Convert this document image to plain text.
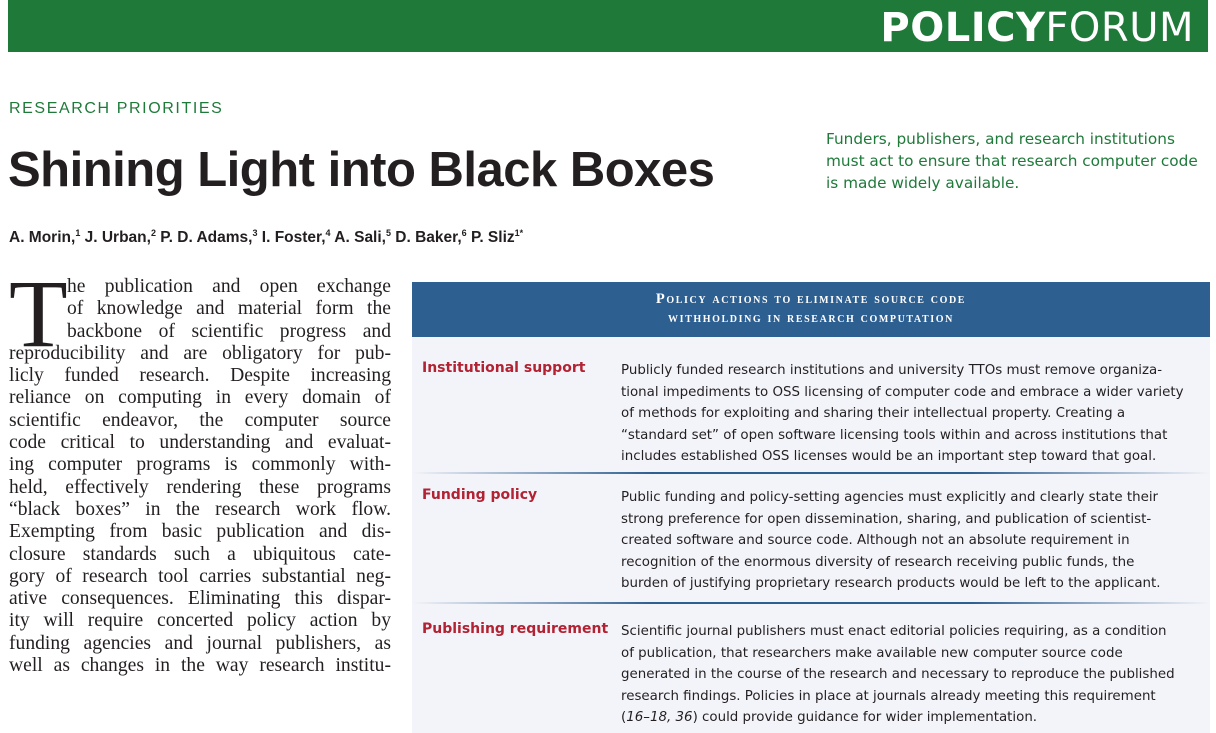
POLICYFORUM
RESEARCH PRIORITIES
Shining Light into Black Boxes
Funders, publishers, and research institutions
must act to ensure that research computer code
is made widely available.
A. Morin,$^1$ J. Urban,$^2$ P. D. Adams,$^3$ I. Foster,$^4$ A. Sali,$^5$ D. Baker,$^6$ P. Sliz$^{1*}$
T he publication and open exchange
of knowledge and material form the
backbone of scientific progress and
reproducibility and are obligatory for pub-
licly funded research. Despite increasing
reliance on computing in every domain of
scientific endeavor, the computer source
code critical to understanding and evaluat-
ing computer programs is commonly with-
held, effectively rendering these programs
“black boxes” in the research work flow.
Exempting from basic publication and dis-
closure standards such a ubiquitous cate-
gory of research tool carries substantial neg-
ative consequences. Eliminating this dispar-
ity will require concerted policy action by
funding agencies and journal publishers, as
well as changes in the way research institu-
Policy actions to eliminate source code
withholding in research computation
Institutional support	Publicly funded research institutions and university TTOs must remove organiza-
tional impediments to OSS licensing of computer code and embrace a wider variety
of methods for exploiting and sharing their intellectual property. Creating a
“standard set” of open software licensing tools within and across institutions that
includes established OSS licenses would be an important step toward that goal.
Funding policy	Public funding and policy-setting agencies must explicitly and clearly state their
strong preference for open dissemination, sharing, and publication of scientist-
created software and source code. Although not an absolute requirement in
recognition of the enormous diversity of research receiving public funds, the
burden of justifying proprietary research products would be left to the applicant.
Publishing requirement Scientific journal publishers must enact editorial policies requiring, as a condition
of publication, that researchers make available new computer source code
generated in the course of the research and necessary to reproduce the published
research findings. Policies in place at journals already meeting this requirement
(16–18, 36) could provide guidance for wider implementation.
